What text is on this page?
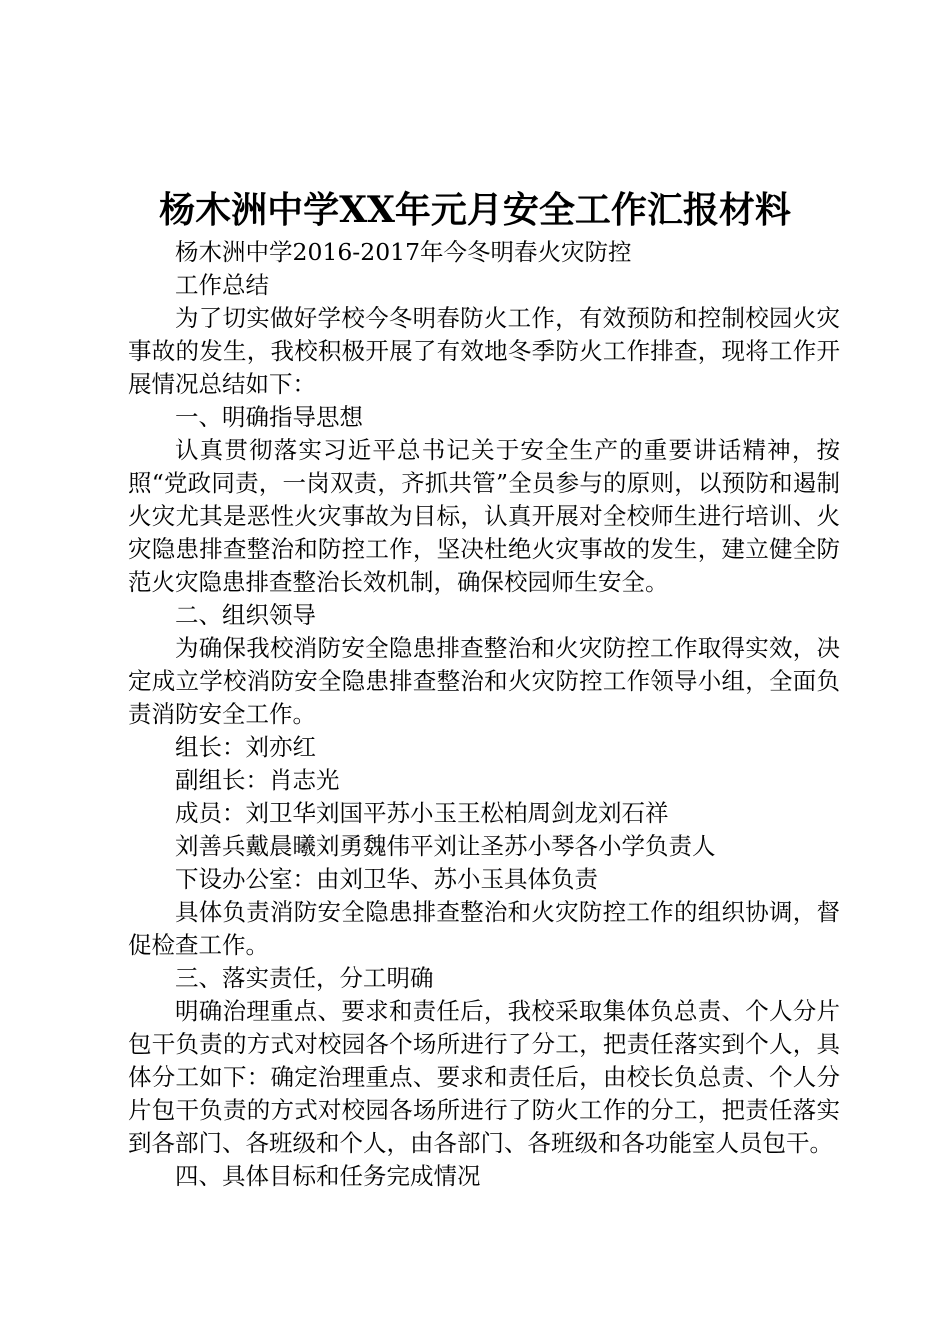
杨木洲中学XX年元月安全工作汇报材料

杨木洲中学2016-2017年今冬明春火灾防控

工作总结

为了切实做好学校今冬明春防火工作，有效预防和控制校园火灾事故的发生，我校积极开展了有效地冬季防火工作排查，现将工作开展情况总结如下：

一、明确指导思想

认真贯彻落实习近平总书记关于安全生产的重要讲话精神，按照“党政同责，一岗双责，齐抓共管”全员参与的原则，以预防和遏制火灾尤其是恶性火灾事故为目标，认真开展对全校师生进行培训、火灾隐患排查整治和防控工作，坚决杜绝火灾事故的发生，建立健全防范火灾隐患排查整治长效机制，确保校园师生安全。

二、组织领导

为确保我校消防安全隐患排查整治和火灾防控工作取得实效，决定成立学校消防安全隐患排查整治和火灾防控工作领导小组，全面负责消防安全工作。

组长：刘亦红

副组长：肖志光

成员：刘卫华刘国平苏小玉王松柏周剑龙刘石祥

刘善兵戴晨曦刘勇魏伟平刘让圣苏小琴各小学负责人

下设办公室：由刘卫华、苏小玉具体负责

具体负责消防安全隐患排查整治和火灾防控工作的组织协调，督促检查工作。

三、落实责任，分工明确

明确治理重点、要求和责任后，我校采取集体负总责、个人分片包干负责的方式对校园各个场所进行了分工，把责任落实到个人，具体分工如下：确定治理重点、要求和责任后，由校长负总责、个人分片包干负责的方式对校园各场所进行了防火工作的分工，把责任落实到各部门、各班级和个人，由各部门、各班级和各功能室人员包干。

四、具体目标和任务完成情况
